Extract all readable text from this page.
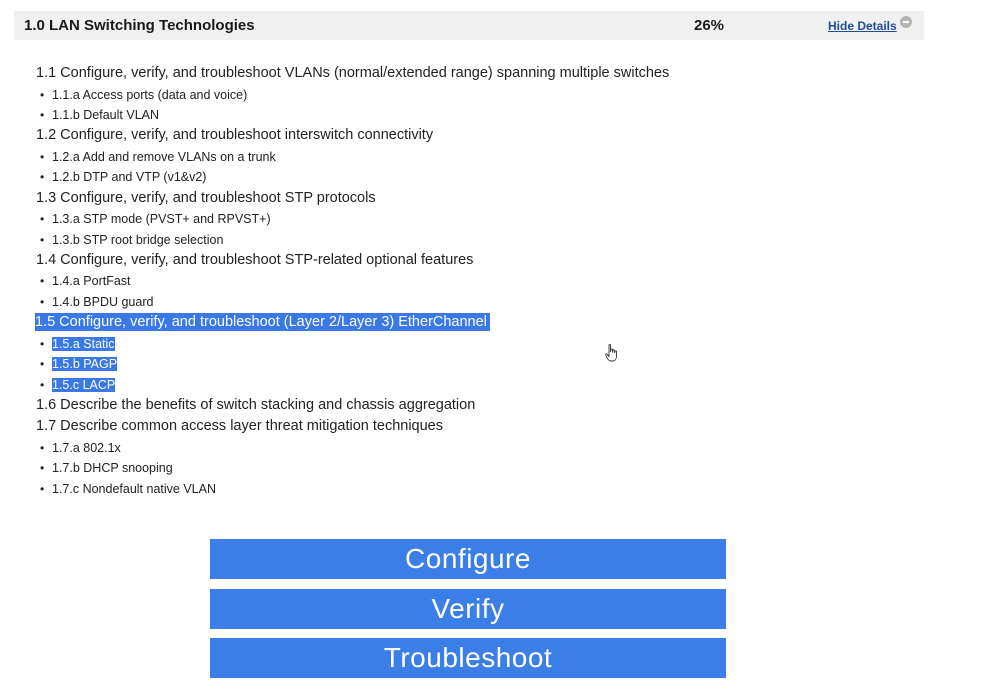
1.0 LAN Switching Technologies	26%	Hide Details
1.1 Configure, verify, and troubleshoot VLANs (normal/extended range) spanning multiple switches
• 1.1.a Access ports (data and voice)
• 1.1.b Default VLAN
1.2 Configure, verify, and troubleshoot interswitch connectivity
• 1.2.a Add and remove VLANs on a trunk
• 1.2.b DTP and VTP (v1&v2)
1.3 Configure, verify, and troubleshoot STP protocols
• 1.3.a STP mode (PVST+ and RPVST+)
• 1.3.b STP root bridge selection
1.4 Configure, verify, and troubleshoot STP-related optional features
• 1.4.a PortFast
• 1.4.b BPDU guard
1.5 Configure, verify, and troubleshoot (Layer 2/Layer 3) EtherChannel
• 1.5.a Static
• 1.5.b PAGP
• 1.5.c LACP
1.6 Describe the benefits of switch stacking and chassis aggregation
1.7 Describe common access layer threat mitigation techniques
• 1.7.a 802.1x
• 1.7.b DHCP snooping
• 1.7.c Nondefault native VLAN
Configure
Verify
Troubleshoot
